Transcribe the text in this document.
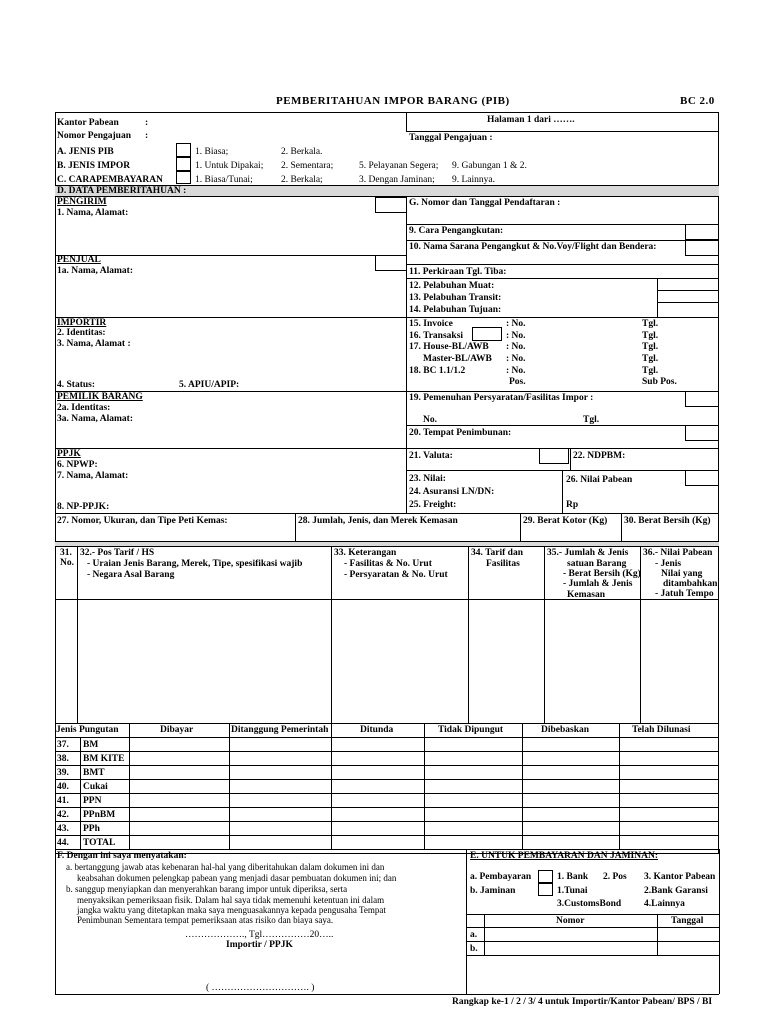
PEMBERITAHUAN IMPOR BARANG (PIB)	BC 2.0
Halaman 1 dari …….
Kantor Pabean	:
Nomor Pengajuan :	Tanggal Pengajuan :
A. JENIS PIB	1. Biasa;	2. Berkala.
B. JENIS IMPOR	1. Untuk Dipakai; 2. Sementara;	5. Pelayanan Segera; 9. Gabungan 1 & 2.
C. CARAPEMBAYARAN	1. Biasa/Tunai;	2. Berkala;	3. Dengan Jaminan; 9. Lainnya.
D. DATA PEMBERITAHUAN :
PENGIRIM
1. Nama, Alamat:
PENJUAL
1a. Nama, Alamat:
IMPORTIR
2. Identitas:
3. Nama, Alamat :
4. Status:	5. APIU/APIP:
PEMILIK BARANG
2a. Identitas:
3a. Nama, Alamat:
PPJK
6. NPWP:
7. Nama, Alamat:
8. NP-PPJK:
G. Nomor dan Tanggal Pendaftaran :
9. Cara Pengangkutan:
10. Nama Sarana Pengangkut & No.Voy/Flight dan Bendera:
11. Perkiraan Tgl. Tiba:
12. Pelabuhan Muat:
13. Pelabuhan Transit:
14. Pelabuhan Tujuan:
15. Invoice	: No.	Tgl.
16. Transaksi	: No.	Tgl.
17. House-BL/AWB : No.	Tgl.
Master-BL/AWB : No.	Tgl.
18. BC 1.1/1.2	: No.	Tgl.
Pos.	Sub Pos.
19. Pemenuhan Persyaratan/Fasilitas Impor :
No.	Tgl.
20. Tempat Penimbunan:
21. Valuta:	22. NDPBM:
23. Nilai:	26. Nilai Pabean
24. Asuransi LN/DN:
25. Freight:	Rp
27. Nomor, Ukuran, dan Tipe Peti Kemas:	28. Jumlah, Jenis, dan Merek Kemasan	29. Berat Kotor (Kg) 30. Berat Bersih (Kg)
31.
No.
32.- Pos Tarif / HS
- Uraian Jenis Barang, Merek, Tipe, spesifikasi wajib
- Negara Asal Barang
33. Keterangan
- Fasilitas & No. Urut
- Persyaratan & No. Urut
34. Tarif dan
Fasilitas
35.- Jumlah & Jenis
satuan Barang
- Berat Bersih (Kg)
- Jumlah & Jenis
Kemasan
36.- Nilai Pabean
- Jenis
Nilai yang
ditambahkan
- Jatuh Tempo
Jenis Pungutan	Dibayar	Ditanggung Pemerintah	Ditunda	Tidak Dipungut	Dibebaskan	Telah Dilunasi
37. BM
38. BM KITE
39. BMT
40. Cukai
41. PPN
42. PPnBM
43. PPh
44. TOTAL
F. Dengan ini saya menyatakan:
a. bertanggung jawab atas kebenaran hal-hal yang diberitahukan dalam dokumen ini dan
keabsahan dokumen pelengkap pabean yang menjadi dasar pembuatan dokumen ini; dan
b. sanggup menyiapkan dan menyerahkan barang impor untuk diperiksa, serta
menyaksikan pemeriksaan fisik. Dalam hal saya tidak memenuhi ketentuan ini dalam
jangka waktu yang ditetapkan maka saya menguasakannya kepada pengusaha Tempat
Penimbunan Sementara tempat pemeriksaan atas risiko dan biaya saya.
………………., Tgl……………20…..
Importir / PPJK
( …………………………. )
E. UNTUK PEMBAYARAN DAN JAMINAN:
a. Pembayaran
b. Jaminan
1. Bank 2. Pos 3. Kantor Pabean
1.Tunai	2.Bank Garansi
3.CustomsBond 4.Lainnya
Nomor	Tanggal
a.
b.
Rangkap ke-1 / 2 / 3/ 4 untuk Importir/Kantor Pabean/ BPS / BI
